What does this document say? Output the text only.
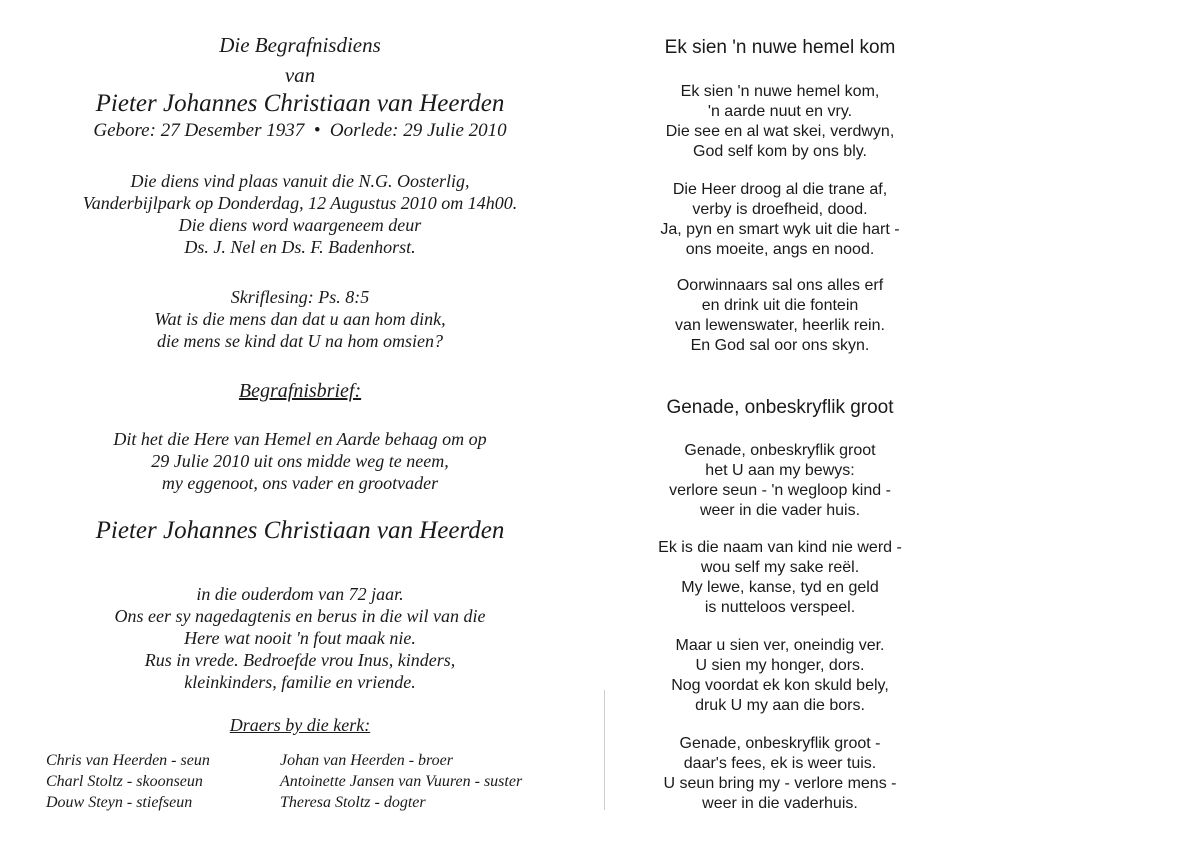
Die Begrafnisdiens
van
Pieter Johannes Christiaan van Heerden
Gebore: 27 Desember 1937 • Oorlede: 29 Julie 2010
Die diens vind plaas vanuit die N.G. Oosterlig,
Vanderbijlpark op Donderdag, 12 Augustus 2010 om 14h00.
Die diens word waargeneem deur
Ds. J. Nel en Ds. F. Badenhorst.
Skriflesing: Ps. 8:5
Wat is die mens dan dat u aan hom dink,
die mens se kind dat U na hom omsien?
Begrafnisbrief:
Dit het die Here van Hemel en Aarde behaag om op
29 Julie 2010 uit ons midde weg te neem,
my eggenoot, ons vader en grootvader
Pieter Johannes Christiaan van Heerden
in die ouderdom van 72 jaar.
Ons eer sy nagedagtenis en berus in die wil van die
Here wat nooit 'n fout maak nie.
Rus in vrede. Bedroefde vrou Inus, kinders,
kleinkinders, familie en vriende.
Draers by die kerk:
Chris van Heerden - seun
Charl Stoltz - skoonseun
Douw Steyn - stiefseun
Johan van Heerden - broer
Antoinette Jansen van Vuuren - suster
Theresa Stoltz - dogter
Ek sien 'n nuwe hemel kom
Ek sien 'n nuwe hemel kom,
'n aarde nuut en vry.
Die see en al wat skei, verdwyn,
God self kom by ons bly.
Die Heer droog al die trane af,
verby is droefheid, dood.
Ja, pyn en smart wyk uit die hart -
ons moeite, angs en nood.
Oorwinnaars sal ons alles erf
en drink uit die fontein
van lewenswater, heerlik rein.
En God sal oor ons skyn.
Genade, onbeskryflik groot
Genade, onbeskryflik groot
het U aan my bewys:
verlore seun - 'n wegloop kind -
weer in die vader huis.
Ek is die naam van kind nie werd -
wou self my sake reël.
My lewe, kanse, tyd en geld
is nutteloos verspeel.
Maar u sien ver, oneindig ver.
U sien my honger, dors.
Nog voordat ek kon skuld bely,
druk U my aan die bors.
Genade, onbeskryflik groot -
daar's fees, ek is weer tuis.
U seun bring my - verlore mens -
weer in die vaderhuis.
